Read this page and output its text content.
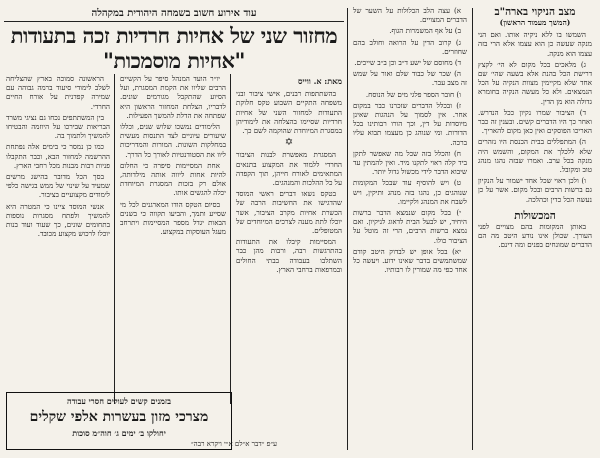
מצב הניקוי בארה"ב
(המשך מעמוד הראשון)

השמשו בו ללא ניקיה אותו. ואם הני מנקה שעשה כן הוא עצמו אלא הרי בזה עצמו הוא מנקה.

ג) מלאכים בכל מקום לא הי׳ לקצץ דרישת הכל בהנת אלא בשעה שהי׳ שם אחד שלא מקיימין מצוות הנקיה על הכל הנמצאים. ולא כל מעשה הנקיה בחומרא גדולה הוא מן הדין.

ד) הציבור שמרו נקיון ככל הנדרש. ואחר כך היו הדברים קשים. ובענין זה כבר האריכו הפוסקים ואין כאן מקום להאריך.

ה) המתפללים בבית הכנסת היו נזהרים שלא ללכלך את המקום, והשמש היה מנקה בכל ערב. ואמרו שבזה נהגו מנהג טוב ומקובל.

ו) ולכן ראוי שכל אחד ישמור על הנקיון גם ברשות הרבים ובכל מקום. אשר על כן נעשה הכל כדין וכהלכה.

המכשולות

באותן המקומות בהם מצויים לפני העורך. שכולן אינו נודע היטב מה הם הדברים שמונחים בפנים ומה דינם.

א) עצה הלב הכלולות על השער של הדברים המצויים.

ב) על אף המשמרות הגוף.

ג) קרוב הדין על הרואה וחולב בהם שחוזרים.

ד) מחוסם של ישע ד״ב וכן ב״ב שייכים.

ה) שכר של כבוד שלם ואור על שמש זה מצב עבר.

ו) חובר הספר פלגי מים של הנוסח.

ז) ובכלל הדברים שזכרנו כבר במקום אחר. אין לסמוך על הנהגות שאינן מיוסדות על דין, וכך הורו רבותינו בכל הדורות. ומי שנוהג כן מעצמו תבוא עליו ברכה.

ח) והכלל בזה שכל מה שאפשר לתקן ביד קלה ראוי לתקנו מיד. ואין להמתין עד שיבוא הדבר לידי מכשול גדול יותר.

ט) ויש להוסיף עוד שבכל המקומות שנוהגים כן, נהגו בזה מנהג ותיקין, ויש לשבח את המנהג ולקיימו.

י) בכל מקום שנמצא הדבר ברשות היחיד, יש לבעל הבית לדאוג לניקיון. ואם נמצא ברשות הרבים, הרי זה מוטל על הציבור כולו.

יא) בכל אופן יש לבדוק היטב קודם שמשתמשים בדבר שאינו ידוע. ויעשה כל אחד כפי מה שמורין לו רבותיו.

עוד אירוע חשוב בשמחה היהודית במקהלה
מחזור שני של אחיות חרדיות זכה בתעודות
"אחיות מוסמכות"
מאת: א. ווייס

בהשתתפות רבנים, אישי ציבור ובני משפחה התקיים השבוע טקס חלוקת התעודות למחזור השני של אחיות חרדיות שסיימו בהצלחה את לימודיהן במסגרת המיוחדת שהוקמה לשם כך.

✡

המסגרת מאפשרת לבנות הציבור החרדי ללמוד את המקצוע בתנאים המתאימים לאורח חייהן, תוך הקפדה על כל ההלכות והמנהגים.

בטקס נשאו דברים ראשי המוסד שהדגישו את החשיבות הרבה של הכשרת אחיות מקרב הציבור, אשר יוכלו לתת מענה לצרכים המיוחדים של המטופלים.

המסיימות קיבלו את התעודות בהתרגשות רבה, ורבות מהן כבר השתלבו בעבודה בבתי החולים ובמרפאות ברחבי הארץ.

יו״ר הועד המנהל סיפר על הקשיים הרבים שליוו את הקמת המסגרת, ועל הסיוע שהתקבל מגורמים שונים. לדבריו, הצלחת המחזור הראשון היא שפתחה את הדלת להמשך הפעילות.

הלימודים נמשכו שלוש שנים, וכללו שיעורים עיוניים לצד התנסות מעשית במחלקות השונות. המורות והמדריכות ליוו את הסטודנטיות לאורך כל הדרך.

אחת המסיימות סיפרה כי החלום להיות אחות ליווה אותה מילדותה, אולם רק בזכות המסגרת המיוחדת יכלה להגשים אותו.

בסיום הטקס הודו המארגנים לכל מי שסייע ותמך, והביעו תקווה כי בשנים הבאות יגדל מספר המסיימות ויתרחב מעגל העוסקות במקצוע.

הראשונה סמוכה בארץ שהצליחה לשלב לימודי סיעוד ברמה גבוהה עם שמירה קפדנית על אורח החיים החרדי.

בין המשתתפים נכחו גם נציגי משרד הבריאות שבירכו על היוזמה והבטיחו להמשיך ולתמוך בה.

כמו כן נמסר כי בימים אלה נפתחת ההרשמה למחזור הבא, וכבר התקבלו פניות רבות מבנות מכל רחבי הארץ.

בסך הכל מדובר בהישג מרשים שמעיד על שינוי של ממש בגישה כלפי לימודים מקצועיים בציבור.

אנשי המוסד ציינו כי המטרה היא להמשיך ולפתח מסגרות נוספות בתחומים שונים, כך שעוד ועוד בנות יוכלו לרכוש מקצוע מכובד.

ע״פ ״דבר א״לם א״י ויקרא רבה״
בזמנים קשים לעולים חסרי עבודה
מצרכי מזון בעשרות אלפי שקלים
יחולקו ב׳ ימים ג׳ חוה״מ סוכות
